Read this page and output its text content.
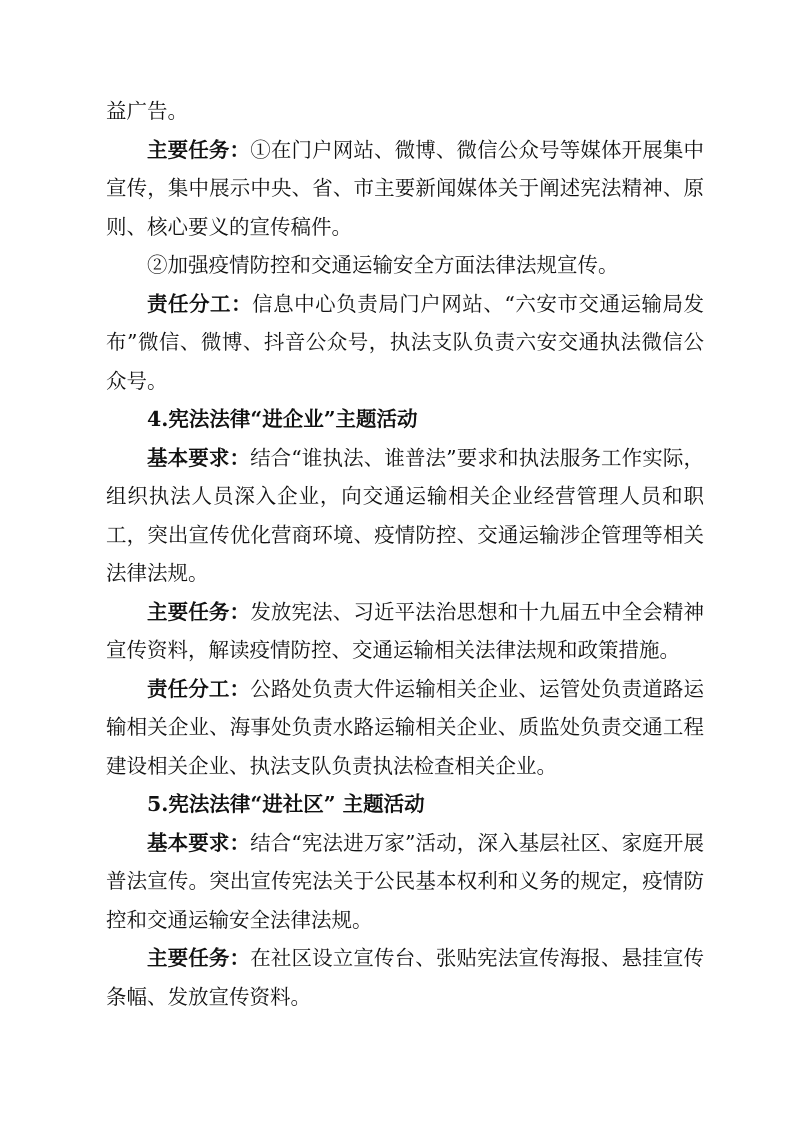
益广告。

主要任务：①在门户网站、微博、微信公众号等媒体开展集中宣传，集中展示中央、省、市主要新闻媒体关于阐述宪法精神、原则、核心要义的宣传稿件。

②加强疫情防控和交通运输安全方面法律法规宣传。

责任分工：信息中心负责局门户网站、“六安市交通运输局发布”微信、微博、抖音公众号，执法支队负责六安交通执法微信公众号。

4.宪法法律“进企业”主题活动

基本要求：结合“谁执法、谁普法”要求和执法服务工作实际，组织执法人员深入企业，向交通运输相关企业经营管理人员和职工，突出宣传优化营商环境、疫情防控、交通运输涉企管理等相关法律法规。

主要任务：发放宪法、习近平法治思想和十九届五中全会精神宣传资料，解读疫情防控、交通运输相关法律法规和政策措施。

责任分工：公路处负责大件运输相关企业、运管处负责道路运输相关企业、海事处负责水路运输相关企业、质监处负责交通工程建设相关企业、执法支队负责执法检查相关企业。

5.宪法法律“进社区” 主题活动

基本要求：结合“宪法进万家”活动，深入基层社区、家庭开展普法宣传。突出宣传宪法关于公民基本权利和义务的规定，疫情防控和交通运输安全法律法规。

主要任务：在社区设立宣传台、张贴宪法宣传海报、悬挂宣传条幅、发放宣传资料。
